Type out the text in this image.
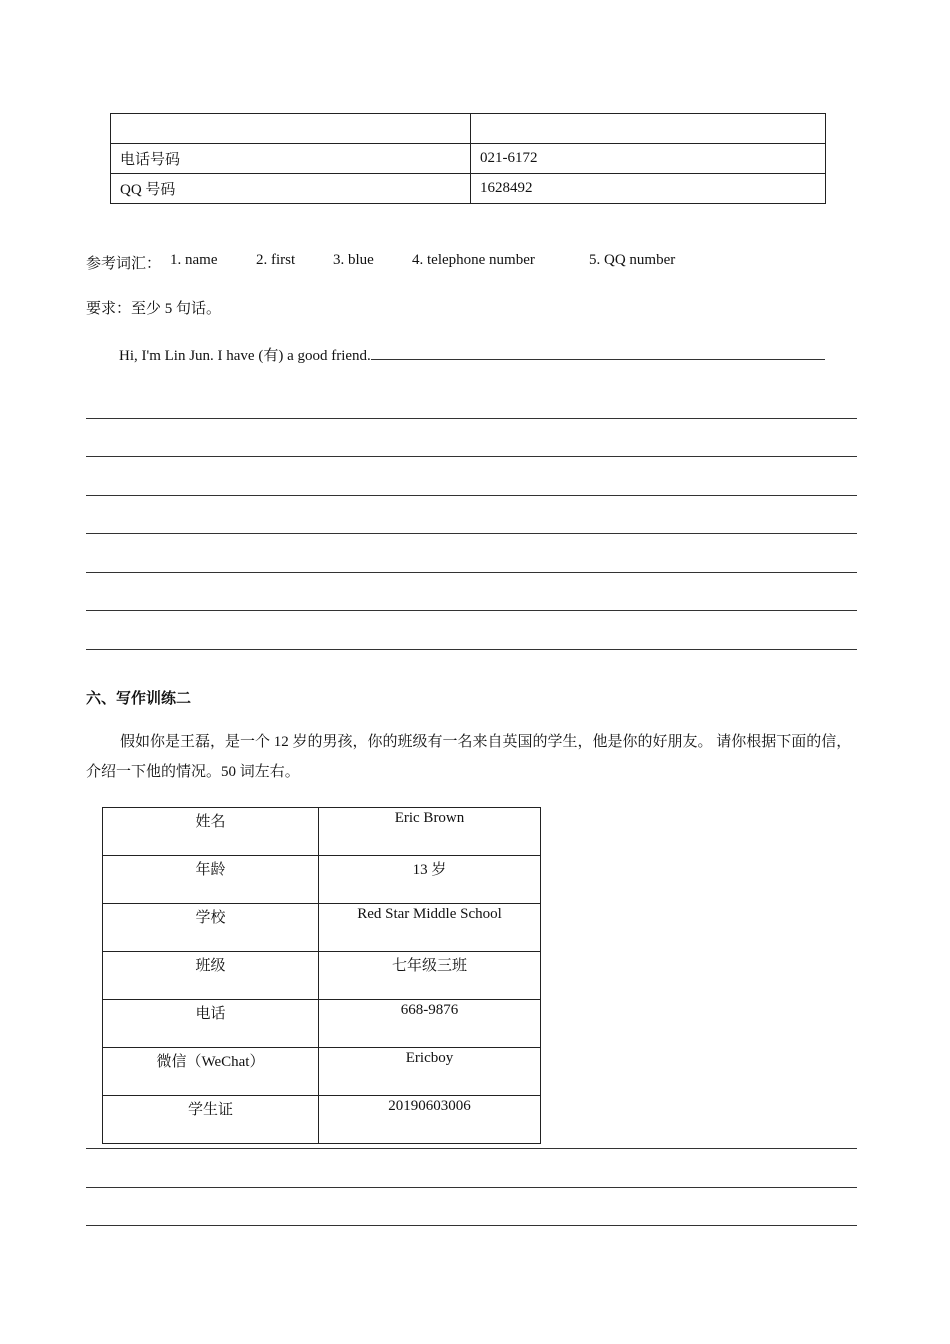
电话号码	021-6172
QQ 号码	1628492
参考词汇： 1. name	2. first	3. blue	4. telephone number	5. QQ number
要求：至少 5 句话。
Hi, I'm Lin Jun. I have (有) a good friend.
六、写作训练二
假如你是王磊，是一个 12 岁的男孩，你的班级有一名来自英国的学生，他是你的好朋友。 请你根据下面的信，介绍一下他的情况。50 词左右。
姓名	Eric Brown
年龄	13 岁
学校	Red Star Middle School
班级	七年级三班
电话	668-9876
微信（WeChat）	Ericboy
学生证	20190603006
